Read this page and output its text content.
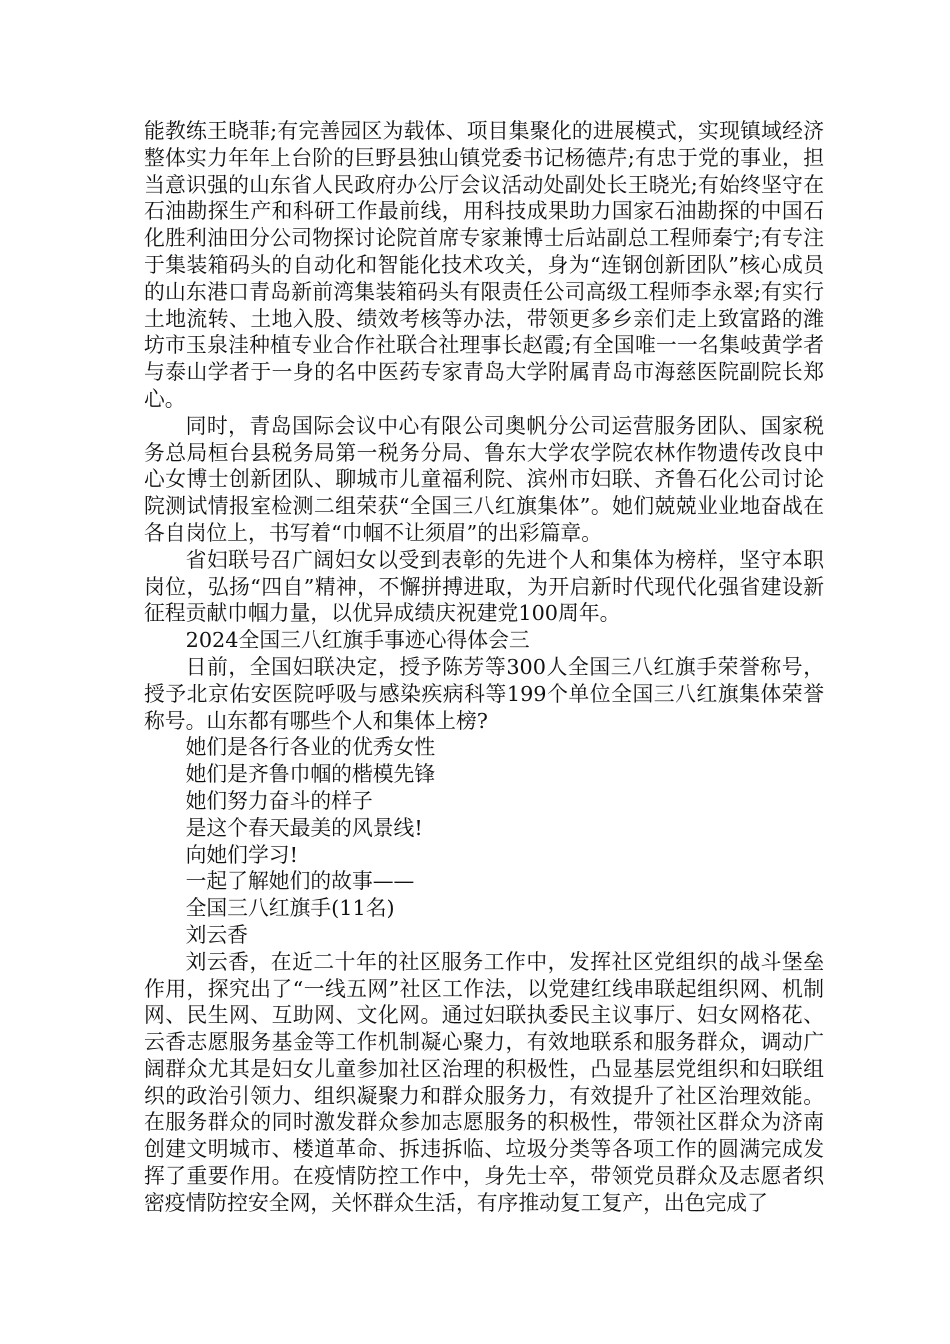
能教练王晓菲;有完善园区为载体、项目集聚化的进展模式，实现镇域经济整体实力年年上台阶的巨野县独山镇党委书记杨德芹;有忠于党的事业，担当意识强的山东省人民政府办公厅会议活动处副处长王晓光;有始终坚守在石油勘探生产和科研工作最前线，用科技成果助力国家石油勘探的中国石化胜利油田分公司物探讨论院首席专家兼博士后站副总工程师秦宁;有专注于集装箱码头的自动化和智能化技术攻关，身为“连钢创新团队”核心成员的山东港口青岛新前湾集装箱码头有限责任公司高级工程师李永翠;有实行土地流转、土地入股、绩效考核等办法，带领更多乡亲们走上致富路的潍坊市玉泉洼种植专业合作社联合社理事长赵霞;有全国唯一一名集岐黄学者与泰山学者于一身的名中医药专家青岛大学附属青岛市海慈医院副院长郑心。

同时，青岛国际会议中心有限公司奥帆分公司运营服务团队、国家税务总局桓台县税务局第一税务分局、鲁东大学农学院农林作物遗传改良中心女博士创新团队、聊城市儿童福利院、滨州市妇联、齐鲁石化公司讨论院测试情报室检测二组荣获“全国三八红旗集体”。她们兢兢业业地奋战在各自岗位上，书写着“巾帼不让须眉”的出彩篇章。

省妇联号召广阔妇女以受到表彰的先进个人和集体为榜样，坚守本职岗位，弘扬“四自”精神，不懈拼搏进取，为开启新时代现代化强省建设新征程贡献巾帼力量，以优异成绩庆祝建党100周年。

2024全国三八红旗手事迹心得体会三

日前，全国妇联决定，授予陈芳等300人全国三八红旗手荣誉称号，授予北京佑安医院呼吸与感染疾病科等199个单位全国三八红旗集体荣誉称号。山东都有哪些个人和集体上榜?

她们是各行各业的优秀女性

她们是齐鲁巾帼的楷模先锋

她们努力奋斗的样子

是这个春天最美的风景线!

向她们学习!

一起了解她们的故事——

全国三八红旗手(11名)

刘云香

刘云香，在近二十年的社区服务工作中，发挥社区党组织的战斗堡垒作用，探究出了“一线五网”社区工作法，以党建红线串联起组织网、机制网、民生网、互助网、文化网。通过妇联执委民主议事厅、妇女网格花、云香志愿服务基金等工作机制凝心聚力，有效地联系和服务群众，调动广阔群众尤其是妇女儿童参加社区治理的积极性，凸显基层党组织和妇联组织的政治引领力、组织凝聚力和群众服务力，有效提升了社区治理效能。在服务群众的同时激发群众参加志愿服务的积极性，带领社区群众为济南创建文明城市、楼道革命、拆违拆临、垃圾分类等各项工作的圆满完成发挥了重要作用。在疫情防控工作中，身先士卒，带领党员群众及志愿者织密疫情防控安全网，关怀群众生活，有序推动复工复产，出色完成了
